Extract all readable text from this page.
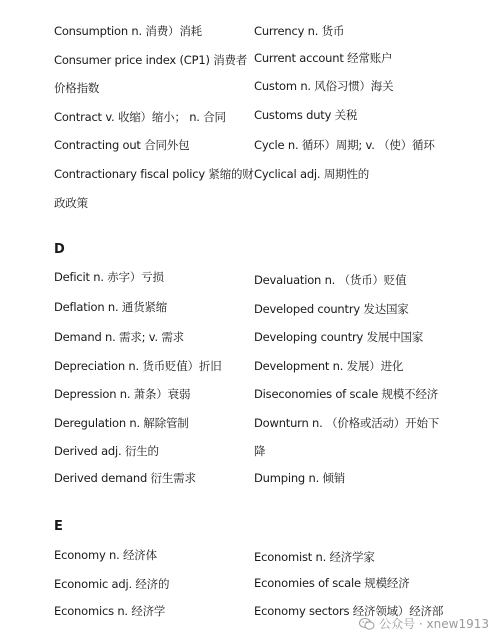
Consumption n. 消费）消耗
Consumer price index (CP1) 消费者
价格指数
Contract v. 收缩）缩小； n. 合同
Contracting out 合同外包
Contractionary fiscal policy 紧缩的财
政政策
Currency n. 货币
Current account 经常账户
Custom n. 风俗习惯）海关
Customs duty 关税
Cycle n. 循环）周期; v. （使）循环
Cyclical adj. 周期性的
D
Deficit n. 赤字）亏损
Deflation n. 通货紧缩
Demand n. 需求; v. 需求
Depreciation n. 货币贬值）折旧
Depression n. 萧条）衰弱
Deregulation n. 解除管制
Derived adj. 衍生的
Derived demand 衍生需求
Devaluation n. （货币）贬值
Developed country 发达国家
Developing country 发展中国家
Development n. 发展）进化
Diseconomies of scale 规模不经济
Downturn n. （价格或活动）开始下
降
Dumping n. 倾销
E
Economy n. 经济体
Economic adj. 经济的
Economics n. 经济学
Economist n. 经济学家
Economies of scale 规模经济
Economy sectors 经济领域）经济部
公众号 · xnew1913
